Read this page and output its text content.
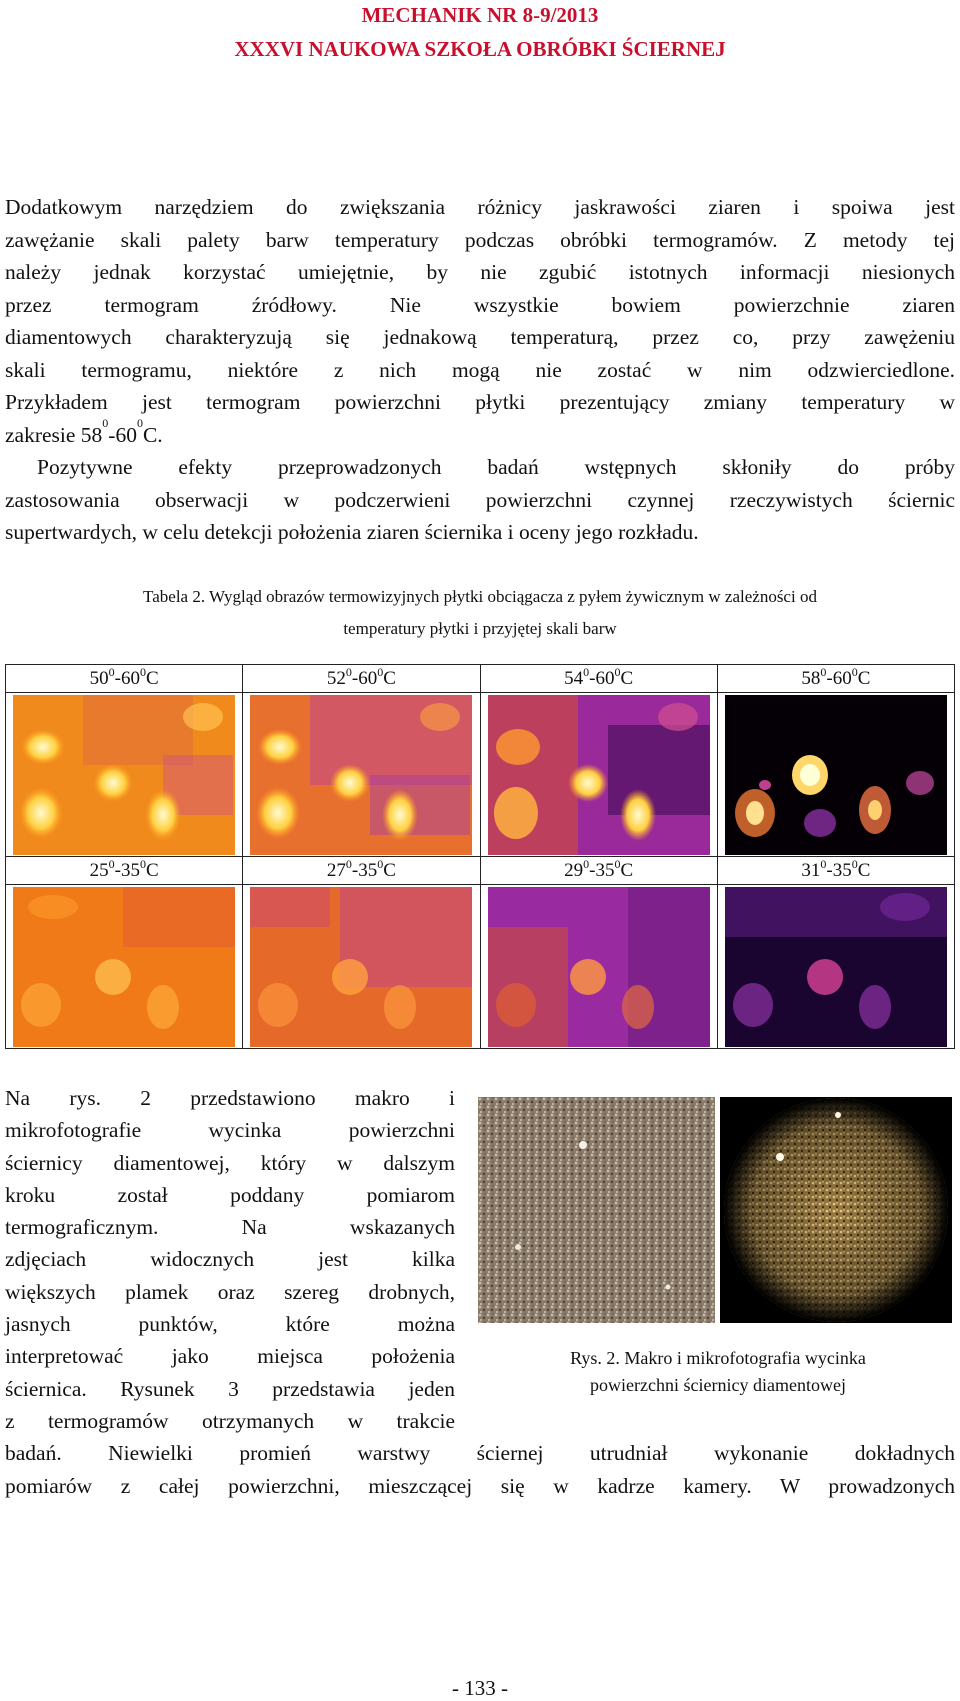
MECHANIK NR 8-9/2013
XXXVI NAUKOWA SZKOŁA OBRÓBKI ŚCIERNEJ
Dodatkowym narzędziem do zwiększania różnicy jaskrawości ziaren i spoiwa jest
zawężanie skali palety barw temperatury podczas obróbki termogramów. Z metody tej
należy jednak korzystać umiejętnie, by nie zgubić istotnych informacji niesionych
przez termogram źródłowy. Nie wszystkie bowiem powierzchnie ziaren
diamentowych charakteryzują się jednakową temperaturą, przez co, przy zawężeniu
skali termogramu, niektóre z nich mogą nie zostać w nim odzwierciedlone.
Przykładem jest termogram powierzchni płytki prezentujący zmiany temperatury w
zakresie $58^0-60^0C$.
Pozytywne efekty przeprowadzonych badań wstępnych skłoniły do próby
zastosowania obserwacji w podczerwieni powierzchni czynnej rzeczywistych ściernic
supertwardych, w celu detekcji położenia ziaren ściernika i oceny jego rozkładu.
Tabela 2. Wygląd obrazów termowizyjnych płytki obciągacza z pyłem żywicznym w zależności od
temperatury płytki i przyjętej skali barw
$50^0-60^0C$	$52^0-60^0C$	$54^0-60^0C$	$58^0-60^0C$

$25^0-35^0C$	$27^0-35^0C$	$29^0-35^0C$	$31^0-35^0C$

Na rys. 2 przedstawiono makro i
mikrofotografie wycinka powierzchni
ściernicy diamentowej, który w dalszym
kroku został poddany pomiarom
termograficznym. Na wskazanych
zdjęciach widocznych jest kilka
większych plamek oraz szereg drobnych,
jasnych punktów, które można
interpretować jako miejsca położenia
ściernica. Rysunek 3 przedstawia jeden
z termogramów otrzymanych w trakcie
Rys. 2. Makro i mikrofotografia wycinka
powierzchni ściernicy diamentowej
badań. Niewielki promień warstwy ściernej utrudniał wykonanie dokładnych
pomiarów z całej powierzchni, mieszczącej się w kadrze kamery. W prowadzonych
- 133 -
